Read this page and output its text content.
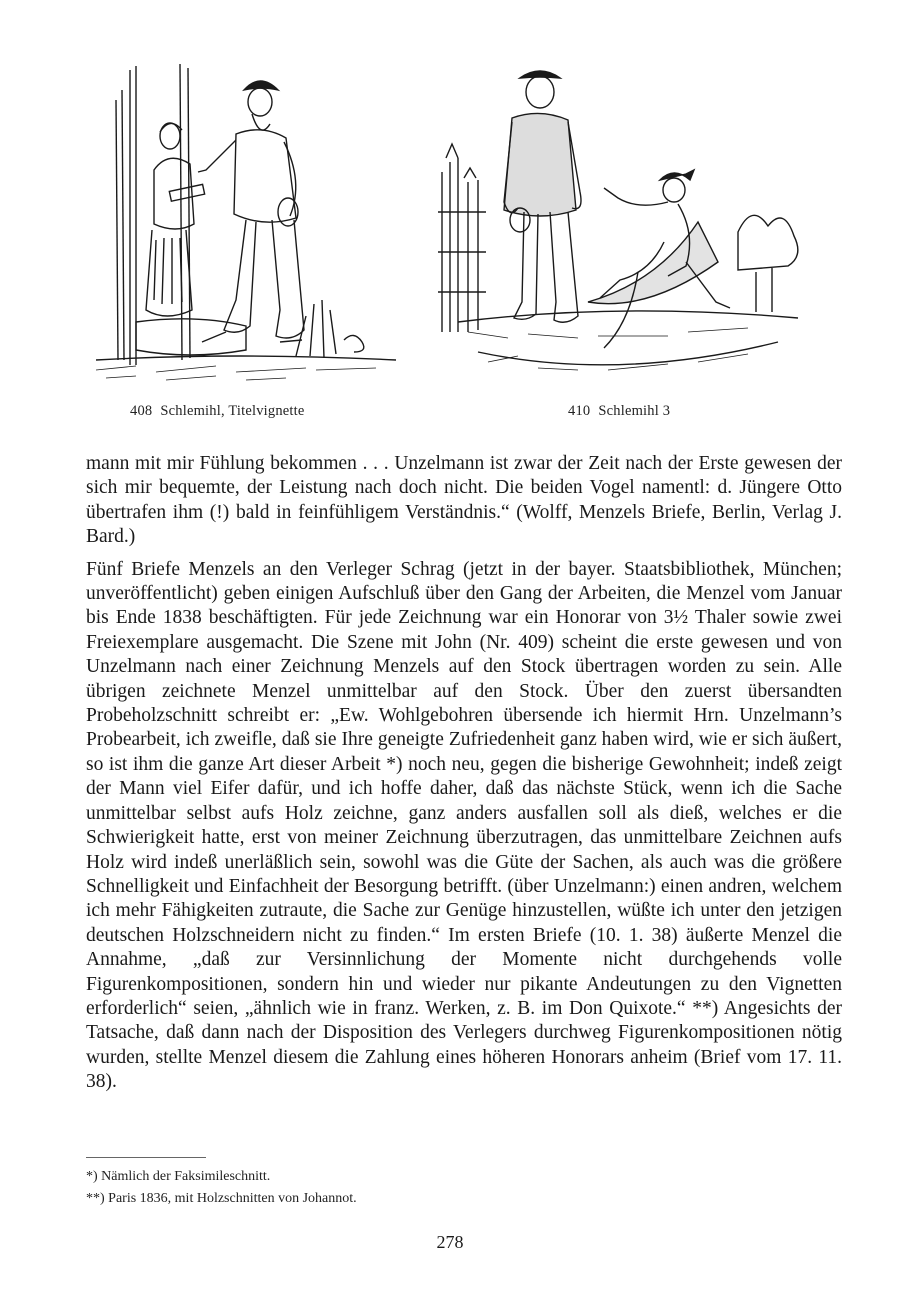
408 Schlemihl, Titelvignette	410 Schlemihl 3

mann mit mir Fühlung bekommen . . . Unzelmann ist zwar der Zeit nach der Erste gewesen der sich mir bequemte, der Leistung nach doch nicht. Die beiden Vogel namentl: d. Jüngere Otto übertrafen ihm (!) bald in feinfühligem Verständnis.“ (Wolff, Menzels Briefe, Berlin, Verlag J. Bard.)

Fünf Briefe Menzels an den Verleger Schrag (jetzt in der bayer. Staatsbibliothek, München; unveröffentlicht) geben einigen Aufschluß über den Gang der Arbeiten, die Menzel vom Januar bis Ende 1838 beschäftigten. Für jede Zeichnung war ein Honorar von 3½ Thaler sowie zwei Freiexemplare ausgemacht. Die Szene mit John (Nr. 409) scheint die erste gewesen und von Unzelmann nach einer Zeichnung Menzels auf den Stock übertragen worden zu sein. Alle übrigen zeichnete Menzel unmittelbar auf den Stock. Über den zuerst übersandten Probeholzschnitt schreibt er: „Ew. Wohlgebohren übersende ich hiermit Hrn. Unzelmann’s Probearbeit, ich zweifle, daß sie Ihre geneigte Zufriedenheit ganz haben wird, wie er sich äußert, so ist ihm die ganze Art dieser Arbeit *) noch neu, gegen die bisherige Gewohnheit; indeß zeigt der Mann viel Eifer dafür, und ich hoffe daher, daß das nächste Stück, wenn ich die Sache unmittelbar selbst aufs Holz zeichne, ganz anders ausfallen soll als dieß, welches er die Schwierigkeit hatte, erst von meiner Zeichnung überzutragen, das unmittelbare Zeichnen aufs Holz wird indeß unerläßlich sein, sowohl was die Güte der Sachen, als auch was die größere Schnelligkeit und Einfachheit der Besorgung betrifft. (über Unzelmann:) einen andren, welchem ich mehr Fähigkeiten zutraute, die Sache zur Genüge hinzustellen, wüßte ich unter den jetzigen deutschen Holzschneidern nicht zu finden.“ Im ersten Briefe (10. 1. 38) äußerte Menzel die Annahme, „daß zur Versinnlichung der Momente nicht durchgehends volle Figurenkompositionen, sondern hin und wieder nur pikante Andeutungen zu den Vignetten erforderlich“ seien, „ähnlich wie in franz. Werken, z. B. im Don Quixote.“ **) Angesichts der Tatsache, daß dann nach der Disposition des Verlegers durchweg Figurenkompositionen nötig wurden, stellte Menzel diesem die Zahlung eines höheren Honorars anheim (Brief vom 17. 11. 38).

*) Nämlich der Faksimileschnitt.
**) Paris 1836, mit Holzschnitten von Johannot.
278
